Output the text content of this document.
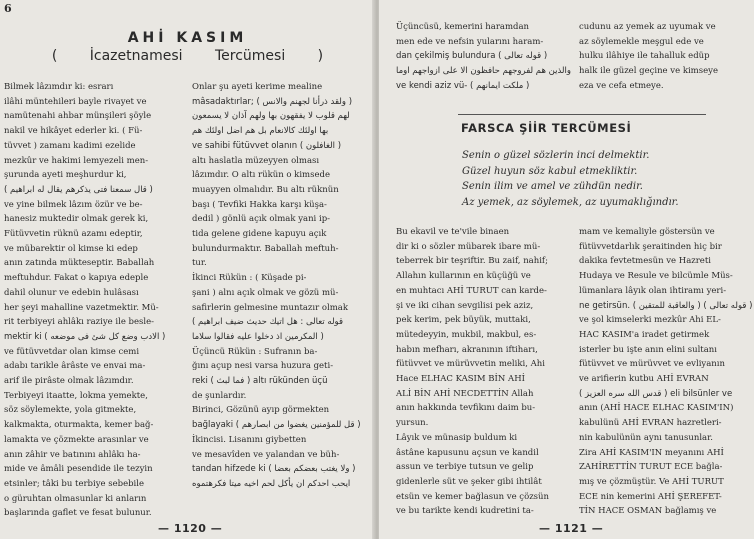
6
AHİ KASIM
( İcazetnamesi Tercümesi )
Bilmek lâzımdır ki: esrarı
ilâhi müntehileri bayle rivayet ve
namütenahi ahbar münşileri şöyle
nakil ve hikâyet ederler ki. ( Fü-
tüvvet ) zamanı kadimi ezelide
mezkûr ve hakimi lemyezeli men-
şurunda ayeti meşhurdur ki,
( قال سمعنا فتى يذكرهم يقال له ابراهيم )
ve yine bilmek lâzım özür ve be-
hanesiz muktedir olmak gerek ki,
Fütüvvetin rüknü azamı edeptir,
ve mübarektir ol kimse ki edep
anın zatında mükteseptir. Baballah
meftuhdur. Fakat o kapıya edeple
dahil olunur ve edebin hulâsası
her şeyi mahalline vazetmektir. Mü-
rit terbiyeyi ahlâkı raziye ile besle-
mektir ki ( الادب وضع كل شئ فى موضعه )
ve fütüvvetdar olan kimse cemi
adabı tarikle ârâste ve envai ma-
arif ile pirâste olmak lâzımdır.
Terbiyeyi itaatte, lokma yemekte,
söz söylemekte, yola gitmekte,
kalkmakta, oturmakta, kemer bağ-
lamakta ve çözmekte arasınlar ve
anın zâhir ve batınını ahlâkı ha-
mide ve âmâli pesendide ile tezyin
etsinler; tâki bu terbiye sebebile
o güruhtan olmasunlar ki anların
başlarında gaflet ve fesat bulunur.
Onlar şu ayeti kerime mealine
mâsadaktırlar; ( ولقد ذرأنا لجهنم والانس )
لهم قلوب لا يفقهون بها ولهم آذان لا يسمعون
بها اولئك كالانعام بل هم اضل اولئك هم
ve sahibi fütüvvet olanın ( الغافلون )
altı haslatla müzeyyen olması
lâzımdır. O altı rükün o kimsede
muayyen olmalıdır. Bu altı rüknün
başı ( Tevfiki Hakka karşı küşa-
dedil ) gönlü açık olmak yani ip-
tida gelene gidene kapuyu açık
bulundurmaktır. Baballah meftuh-
tur.
İkinci Rükün : ( Küşade pi-
şani ) alnı açık olmak ve gözü mü-
safirlerin gelmesine muntazır olmak
( قوله تعالى : هل اتيك حديث ضيف ابراهيم
المكرمين اذ دخلوا عليه فقالوا سلاما )
Üçüncü Rükün : Sufranın ba-
ğını açup nesi varsa huzura geti-
reki ( فما لبث ) altı rükünden üçü
de şunlardır.
Birinci, Gözünü ayıp görmekten
bağlayaki ( قل للمؤمنين يغضوا من ابصارهم )
İkincisi. Lisanını giybetten
ve mesavîden ve yalandan ve büh-
tandan hifzede ki ( ولا يغتب بعضكم بعضا )
ايحب احدكم ان يأكل لحم اخيه ميتا فكرهتموه
— 1120 —
Üçüncüsü, kemerini haramdan
men ede ve nefsin yularını haram-
dan çekilmiş bulundura ( قوله تعالى )
والذين هم لفروجهم حافظون الا على ازواجهم اوما
ve kendi aziz vü- ( ملكت ايمانهم )
cudunu az yemek az uyumak ve
az söylemekle meşgul ede ve
hulku ilâhiye ile tahalluk edüp
halk ile güzel geçine ve kimseye
eza ve cefa etmeye.
Bu ekavil ve te'vile binaen
dir ki o sözler mübarek ibare mü-
teberrek bir teşriftir. Bu zaif, nahif;
Allahın kullarının en küçüğü ve
en muhtacı AHİ TURUT can karde-
şi ve iki cihan sevgilisi pek aziz,
pek kerim, pek büyük, muttaki,
mütedeyyin, mukbil, makbul, es-
habın mefharı, akranının iftiharı,
fütüvvet ve mürüvvetin meliki, Ahi
Hace ELHAC KASIM BİN AHİ
ALİ BİN AHİ NECDETTİN Allah
anın hakkında tevfikını daim bu-
yursun.
Lâyık ve münasip buldum ki
âstâne kapusunu açsun ve kandil
assun ve terbiye tutsun ve gelip
gidenlerle süt ve şeker gibi ihtilât
etsün ve kemer bağlasun ve çözsün
ve bu tarikte kendi kudretini ta-
mam ve kemaliyle göstersün ve
fütüvvetdarlık şeraitinden hiç bir
dakika fevtetmesün ve Hazreti
Hudaya ve Resule ve bilcümle Müs-
lümanlara lâyık olan ihtiramı yeri-
ne getirsün. ( والعاقبة للمتقين ) ( قوله تعالى )
ve şol kimselerki mezkûr Ahi EL-
HAC KASIM'a iradet getirmek
isterler bu işte anın elini sultanı
fütüvvet ve mürüvvet ve evliyanın
ve arifierin kutbu AHİ EVRAN
( قدس الله سره العزيز ) eli bilsünler ve
anın (AHİ HACE ELHAC KASIM'IN)
kabulünü AHİ EVRAN hazretleri-
nin kabulünün aynı tanusunlar.
Zira AHİ KASIM'IN meyanını AHİ
ZAHİRETTİN TURUT ECE bağla-
mış ve çözmüştür. Ve AHİ TURUT
ECE nin kemerini AHİ ŞEREFET-
TİN HACE OSMAN bağlamış ve
— 1121 —
FARSCA ŞİİR TERCÜMESİ
Senin o güzel sözlerin inci delmektir.
Güzel huyun söz kabul etmekliktir.
Senin ilim ve amel ve zühdün nedir.
Az yemek, az söylemek, az uyumaklığındır.
